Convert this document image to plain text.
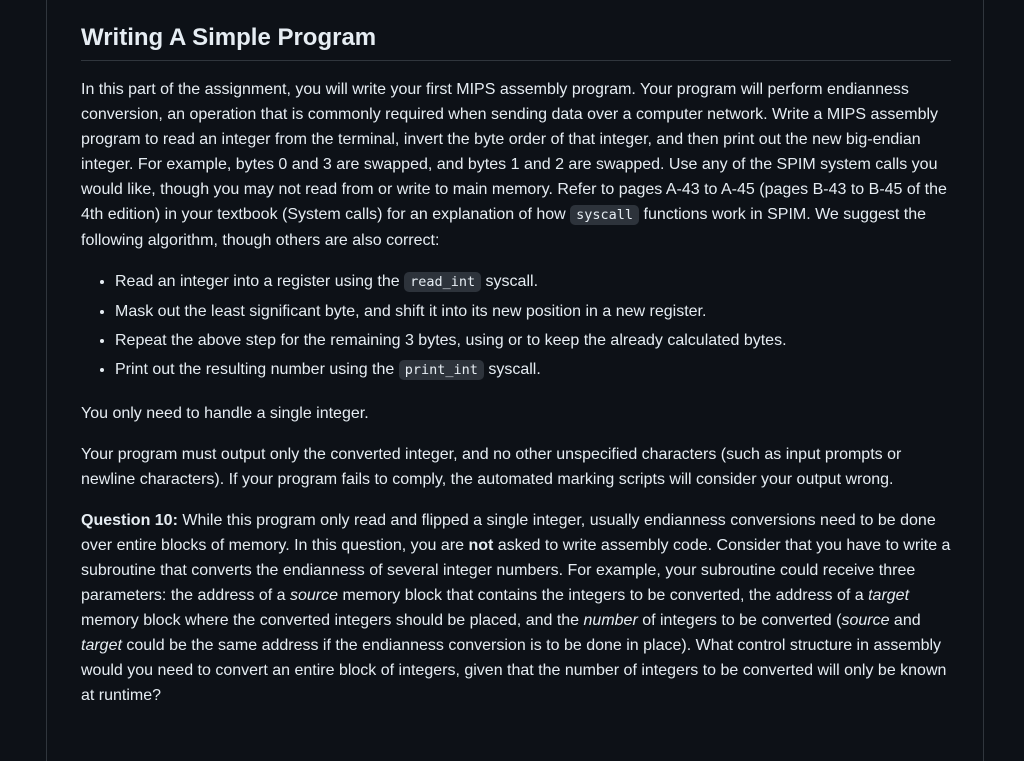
Writing A Simple Program

In this part of the assignment, you will write your first MIPS assembly program. Your program will perform endianness conversion, an operation that is commonly required when sending data over a computer network. Write a MIPS assembly program to read an integer from the terminal, invert the byte order of that integer, and then print out the new big-endian integer. For example, bytes 0 and 3 are swapped, and bytes 1 and 2 are swapped. Use any of the SPIM system calls you would like, though you may not read from or write to main memory. Refer to pages A-43 to A-45 (pages B-43 to B-45 of the 4th edition) in your textbook (System calls) for an explanation of how syscall functions work in SPIM. We suggest the following algorithm, though others are also correct:

• Read an integer into a register using the read_int syscall.
• Mask out the least significant byte, and shift it into its new position in a new register.
• Repeat the above step for the remaining 3 bytes, using or to keep the already calculated bytes.
• Print out the resulting number using the print_int syscall.

You only need to handle a single integer.

Your program must output only the converted integer, and no other unspecified characters (such as input prompts or newline characters). If your program fails to comply, the automated marking scripts will consider your output wrong.

Question 10: While this program only read and flipped a single integer, usually endianness conversions need to be done over entire blocks of memory. In this question, you are not asked to write assembly code. Consider that you have to write a subroutine that converts the endianness of several integer numbers. For example, your subroutine could receive three parameters: the address of a source memory block that contains the integers to be converted, the address of a target memory block where the converted integers should be placed, and the number of integers to be converted (source and target could be the same address if the endianness conversion is to be done in place). What control structure in assembly would you need to convert an entire block of integers, given that the number of integers to be converted will only be known at runtime?
